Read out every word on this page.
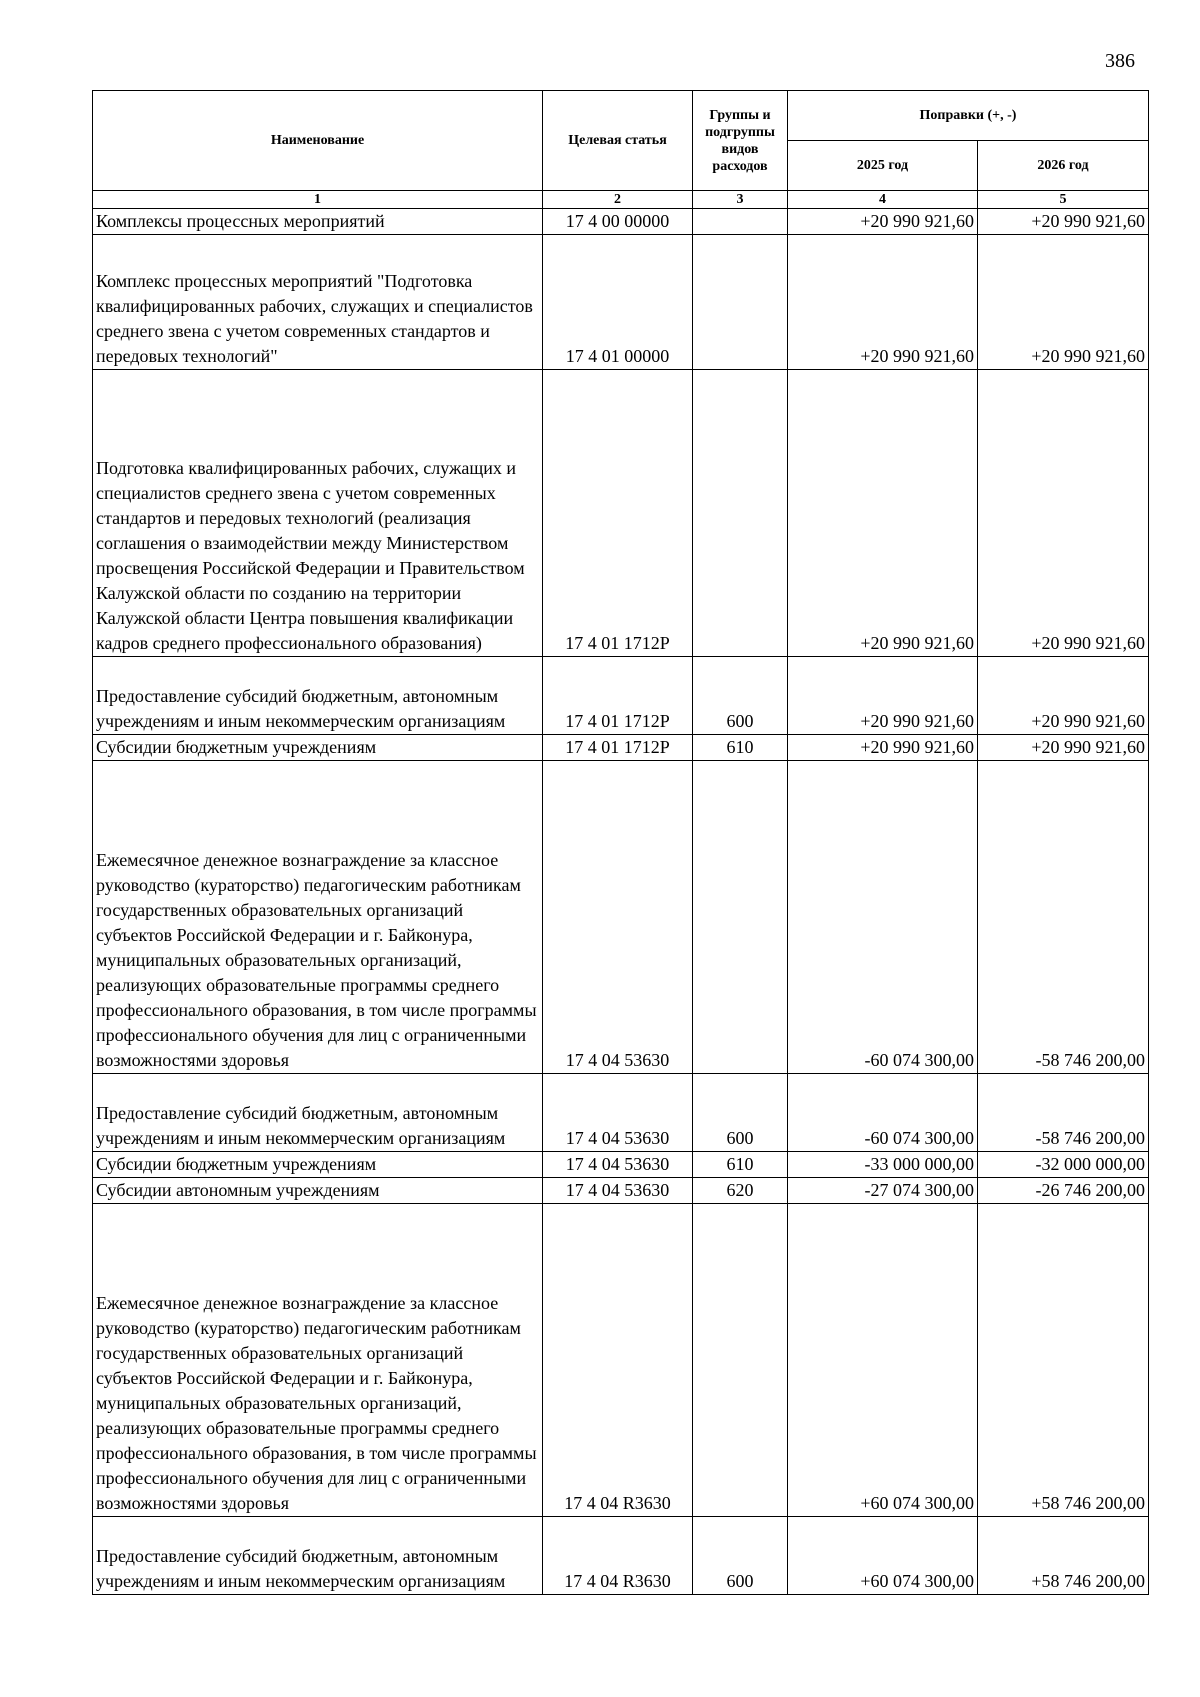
386
Наименование	Целевая статья	Группы и подгруппы видов расходов	Поправки (+, -)	
			2025 год	2026 год
1	2	3	4	5
Комплексы процессных мероприятий	17 4 00 00000		+20 990 921,60	+20 990 921,60
Комплекс процессных мероприятий "Подготовка квалифицированных рабочих, служащих и специалистов среднего звена с учетом современных стандартов и передовых технологий"	17 4 01 00000		+20 990 921,60	+20 990 921,60
Подготовка квалифицированных рабочих, служащих и специалистов среднего звена с учетом современных стандартов и передовых технологий (реализация соглашения о взаимодействии между Министерством просвещения Российской Федерации и Правительством Калужской области по созданию на территории Калужской области Центра повышения квалификации кадров среднего профессионального образования)	17 4 01 1712Р		+20 990 921,60	+20 990 921,60
Предоставление субсидий бюджетным, автономным учреждениям и иным некоммерческим организациям	17 4 01 1712Р	600	+20 990 921,60	+20 990 921,60
Субсидии бюджетным учреждениям	17 4 01 1712Р	610	+20 990 921,60	+20 990 921,60
Ежемесячное денежное вознаграждение за классное руководство (кураторство) педагогическим работникам государственных образовательных организаций субъектов Российской Федерации и г. Байконура, муниципальных образовательных организаций, реализующих образовательные программы среднего профессионального образования, в том числе программы профессионального обучения для лиц с ограниченными возможностями здоровья	17 4 04 53630		-60 074 300,00	-58 746 200,00
Предоставление субсидий бюджетным, автономным учреждениям и иным некоммерческим организациям	17 4 04 53630	600	-60 074 300,00	-58 746 200,00
Субсидии бюджетным учреждениям	17 4 04 53630	610	-33 000 000,00	-32 000 000,00
Субсидии автономным учреждениям	17 4 04 53630	620	-27 074 300,00	-26 746 200,00
Ежемесячное денежное вознаграждение за классное руководство (кураторство) педагогическим работникам государственных образовательных организаций субъектов Российской Федерации и г. Байконура, муниципальных образовательных организаций, реализующих образовательные программы среднего профессионального образования, в том числе программы профессионального обучения для лиц с ограниченными возможностями здоровья	17 4 04 R3630		+60 074 300,00	+58 746 200,00
Предоставление субсидий бюджетным, автономным учреждениям и иным некоммерческим организациям	17 4 04 R3630	600	+60 074 300,00	+58 746 200,00
